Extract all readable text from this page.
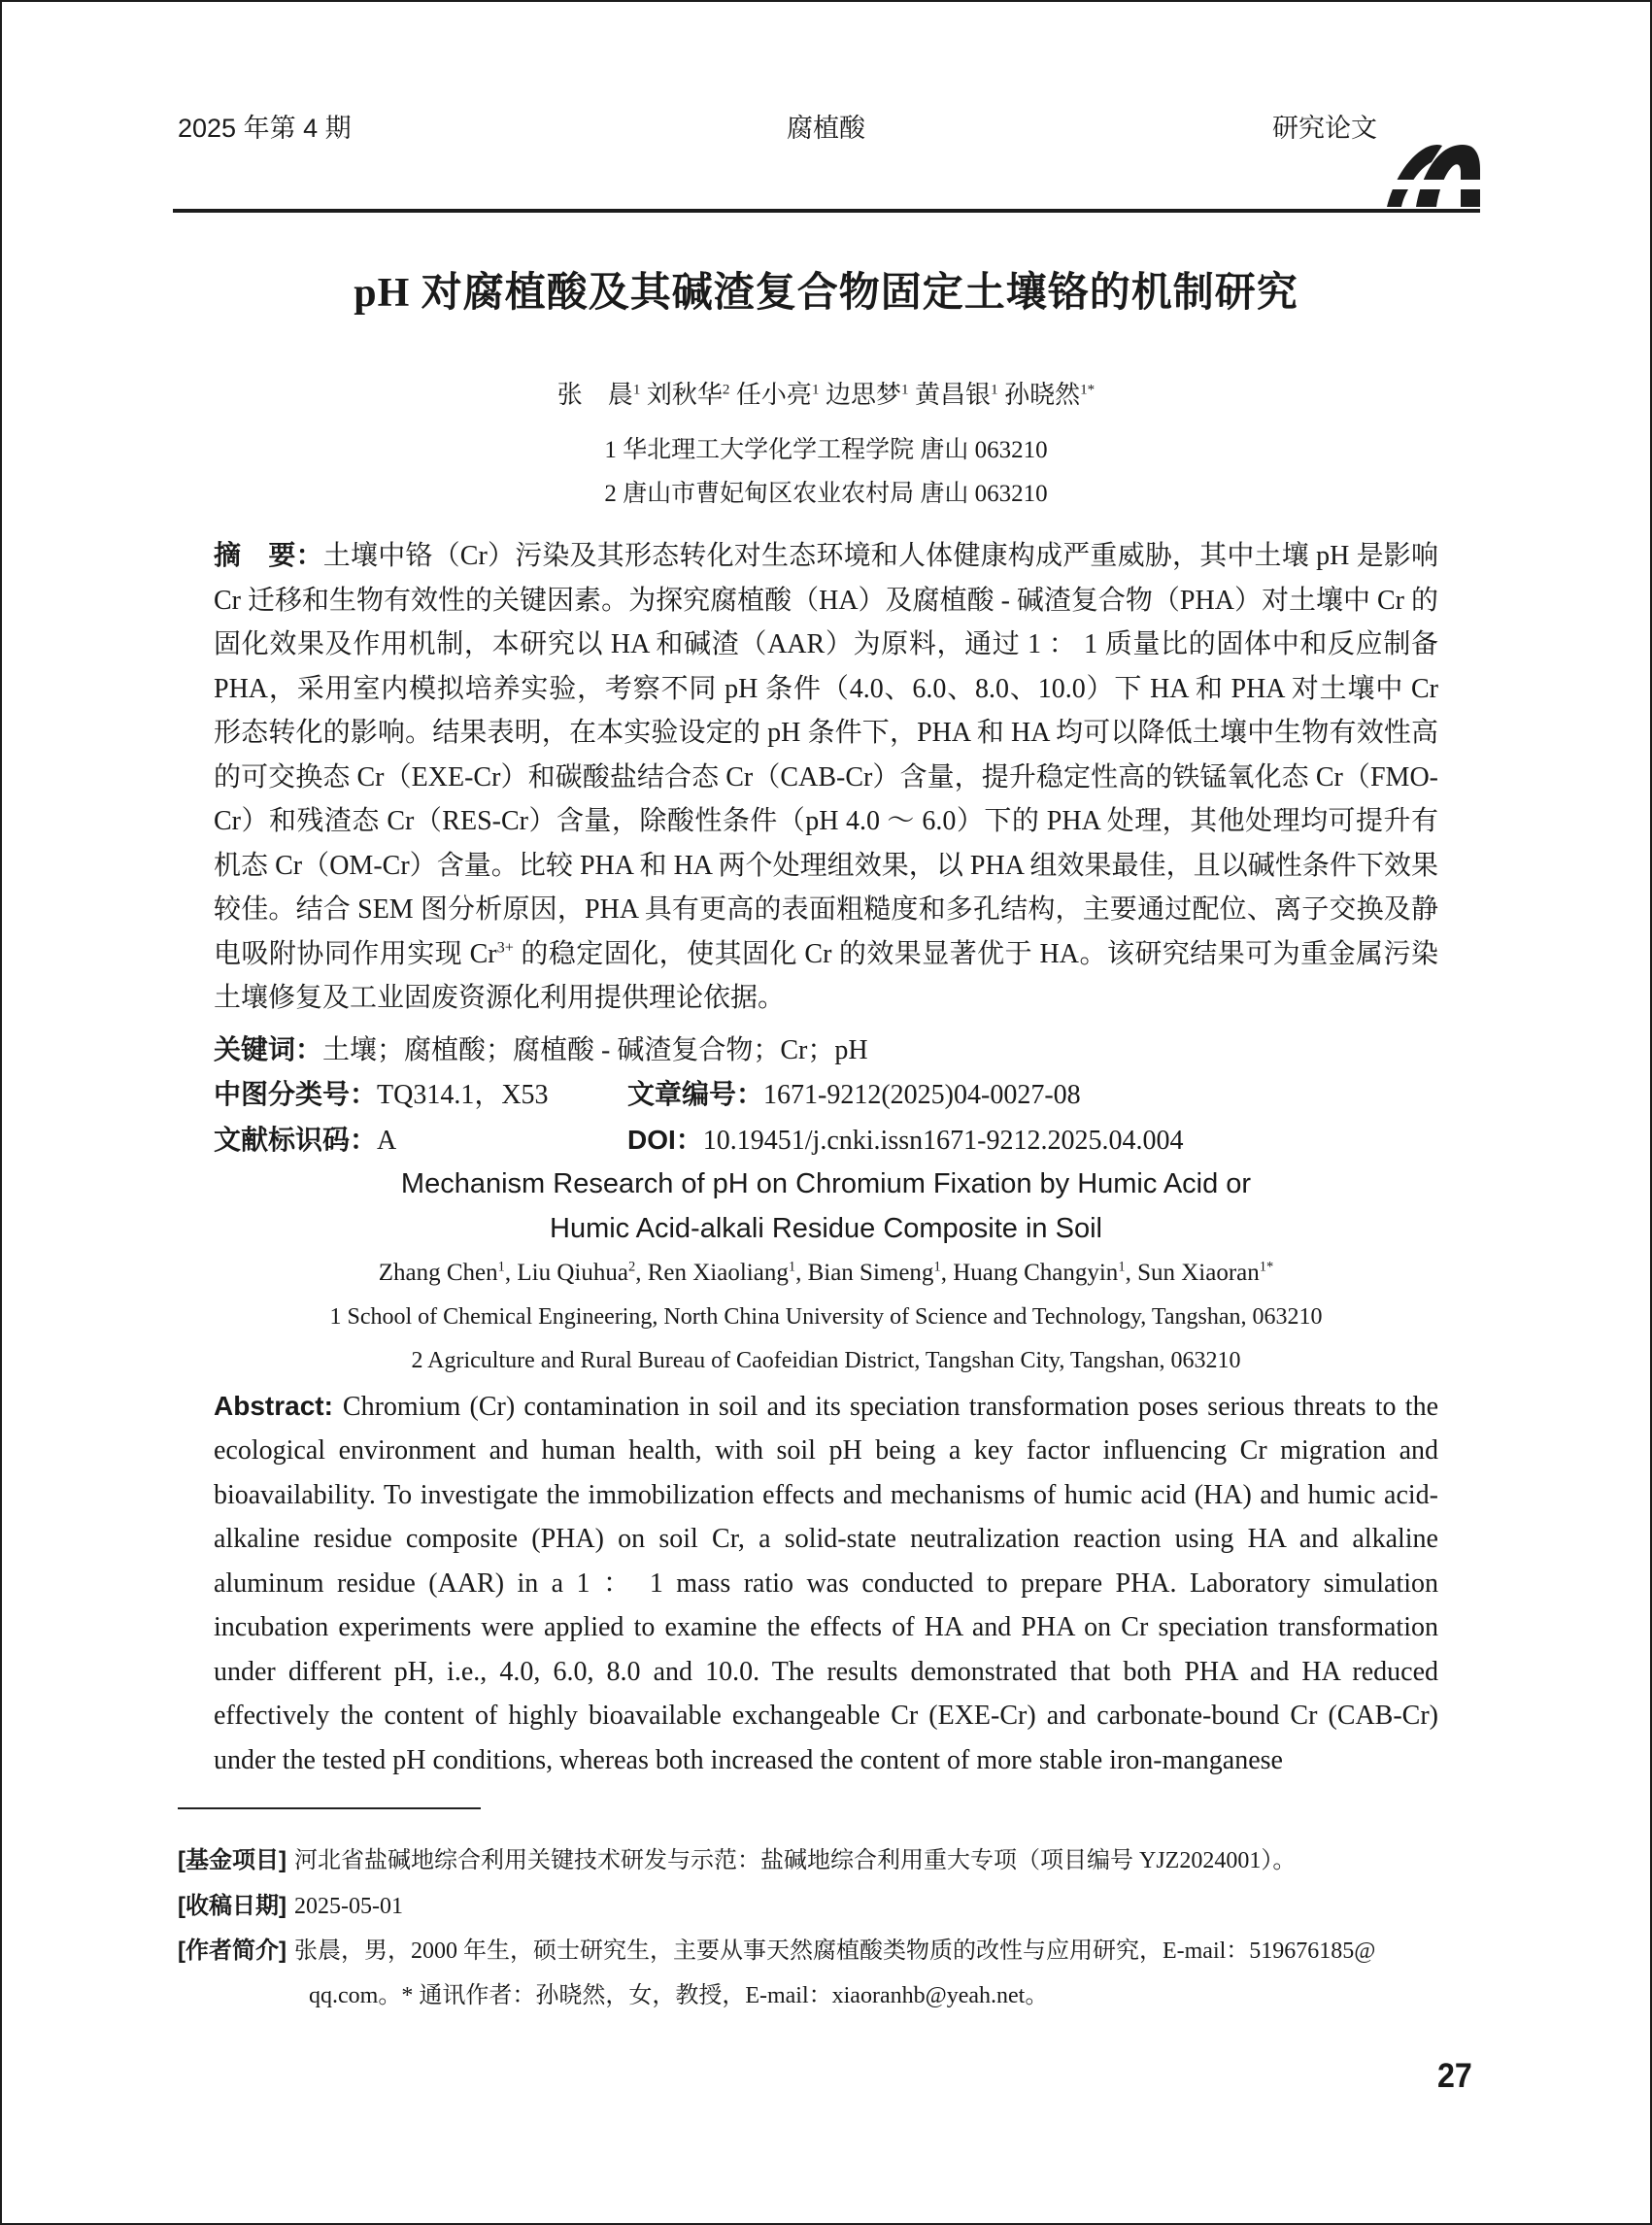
2025 年第 4 期	腐植酸	研究论文
pH 对腐植酸及其碱渣复合物固定土壤铬的机制研究
张　晨$^1$ 刘秋华$^2$ 任小亮$^1$ 边思梦$^1$ 黄昌银$^1$ 孙晓然$^{1*}$
1 华北理工大学化学工程学院 唐山 063210
2 唐山市曹妃甸区农业农村局 唐山 063210

摘　要：土壤中铬（Cr）污染及其形态转化对生态环境和人体健康构成严重威胁，其中土壤 pH 是影响 Cr 迁移和生物有效性的关键因素。为探究腐植酸（HA）及腐植酸 - 碱渣复合物（PHA）对土壤中 Cr 的固化效果及作用机制，本研究以 HA 和碱渣（AAR）为原料，通过 1 ： 1 质量比的固体中和反应制备 PHA，采用室内模拟培养实验，考察不同 pH 条件（4.0、6.0、8.0、10.0）下 HA 和 PHA 对土壤中 Cr 形态转化的影响。结果表明，在本实验设定的 pH 条件下，PHA 和 HA 均可以降低土壤中生物有效性高的可交换态 Cr（EXE-Cr）和碳酸盐结合态 Cr（CAB-Cr）含量，提升稳定性高的铁锰氧化态 Cr（FMO-Cr）和残渣态 Cr（RES-Cr）含量，除酸性条件（pH 4.0 ～ 6.0）下的 PHA 处理，其他处理均可提升有机态 Cr（OM-Cr）含量。比较 PHA 和 HA 两个处理组效果，以 PHA 组效果最佳，且以碱性条件下效果较佳。结合 SEM 图分析原因，PHA 具有更高的表面粗糙度和多孔结构，主要通过配位、离子交换及静电吸附协同作用实现 $Cr^{3+}$ 的稳定固化，使其固化 Cr 的效果显著优于 HA。该研究结果可为重金属污染土壤修复及工业固废资源化利用提供理论依据。

关键词：土壤；腐植酸；腐植酸 - 碱渣复合物；Cr；pH

中图分类号：TQ314.1，X53	文章编号：1671-9212(2025)04-0027-08
文献标识码：A	DOI：10.19451/j.cnki.issn1671-9212.2025.04.004
Mechanism Research of pH on Chromium Fixation by Humic Acid or
Humic Acid-alkali Residue Composite in Soil
Zhang Chen$^1$, Liu Qiuhua$^2$, Ren Xiaoliang$^1$, Bian Simeng$^1$, Huang Changyin$^1$, Sun Xiaoran$^{1*}$
1 School of Chemical Engineering, North China University of Science and Technology, Tangshan, 063210
2 Agriculture and Rural Bureau of Caofeidian District, Tangshan City, Tangshan, 063210

Abstract: Chromium (Cr) contamination in soil and its speciation transformation poses serious threats to the ecological environment and human health, with soil pH being a key factor influencing Cr migration and bioavailability. To investigate the immobilization effects and mechanisms of humic acid (HA) and humic acid-alkaline residue composite (PHA) on soil Cr, a solid-state neutralization reaction using HA and alkaline aluminum residue (AAR) in a 1 ： 1 mass ratio was conducted to prepare PHA. Laboratory simulation incubation experiments were applied to examine the effects of HA and PHA on Cr speciation transformation under different pH, i.e., 4.0, 6.0, 8.0 and 10.0. The results demonstrated that both PHA and HA reduced effectively the content of highly bioavailable exchangeable Cr (EXE-Cr) and carbonate-bound Cr (CAB-Cr) under the tested pH conditions, whereas both increased the content of more stable iron-manganese

[基金项目] 河北省盐碱地综合利用关键技术研发与示范：盐碱地综合利用重大专项（项目编号 YJZ2024001）。
[收稿日期] 2025-05-01
[作者简介] 张晨，男，2000 年生，硕士研究生，主要从事天然腐植酸类物质的改性与应用研究，E-mail：519676185@
qq.com。* 通讯作者：孙晓然，女，教授，E-mail：xiaoranhb@yeah.net。
27
